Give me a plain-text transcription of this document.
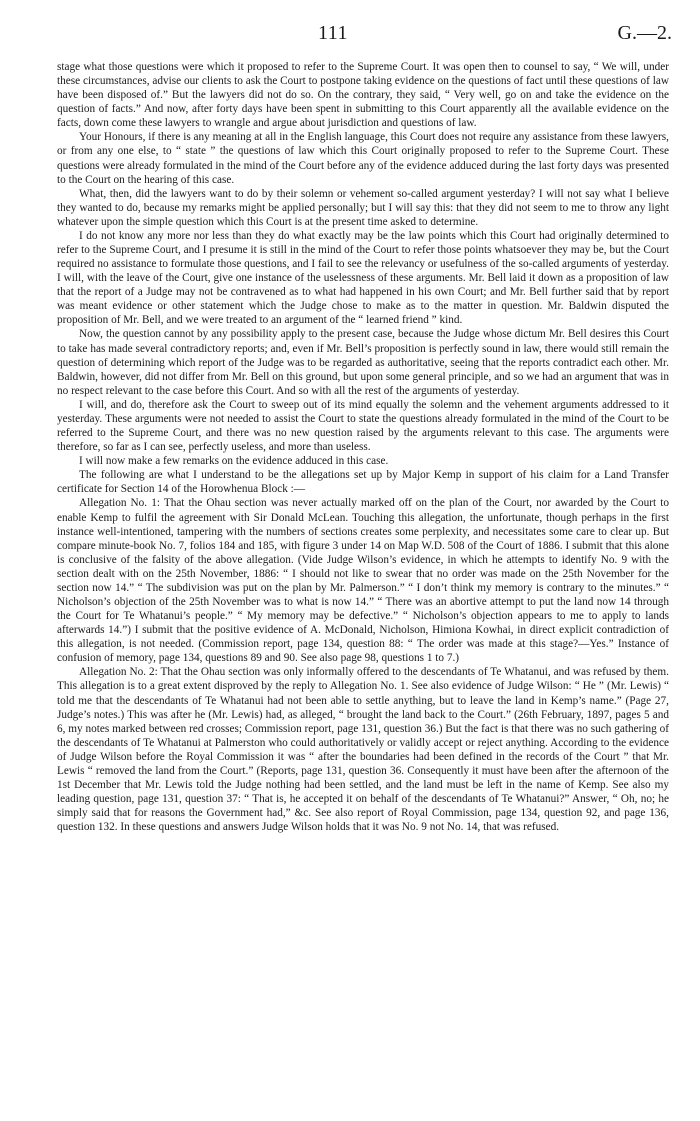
111	G.—2.

stage what those questions were which it proposed to refer to the Supreme Court. It was open then to counsel to say, “ We will, under these circumstances, advise our clients to ask the Court to postpone taking evidence on the questions of fact until these questions of law have been disposed of.” But the lawyers did not do so. On the contrary, they said, “ Very well, go on and take the evidence on the question of facts.” And now, after forty days have been spent in submitting to this Court apparently all the available evidence on the facts, down come these lawyers to wrangle and argue about jurisdiction and questions of law.

Your Honours, if there is any meaning at all in the English language, this Court does not require any assistance from these lawyers, or from any one else, to “ state ” the questions of law which this Court originally proposed to refer to the Supreme Court. These questions were already formulated in the mind of the Court before any of the evidence adduced during the last forty days was presented to the Court on the hearing of this case.

What, then, did the lawyers want to do by their solemn or vehement so-called argument yesterday? I will not say what I believe they wanted to do, because my remarks might be applied personally; but I will say this: that they did not seem to me to throw any light whatever upon the simple question which this Court is at the present time asked to determine.

I do not know any more nor less than they do what exactly may be the law points which this Court had originally determined to refer to the Supreme Court, and I presume it is still in the mind of the Court to refer those points whatsoever they may be, but the Court required no assistance to formulate those questions, and I fail to see the relevancy or usefulness of the so-called arguments of yesterday. I will, with the leave of the Court, give one instance of the uselessness of these arguments. Mr. Bell laid it down as a proposition of law that the report of a Judge may not be contravened as to what had happened in his own Court; and Mr. Bell further said that by report was meant evidence or other statement which the Judge chose to make as to the matter in question. Mr. Baldwin disputed the proposition of Mr. Bell, and we were treated to an argument of the “ learned friend ” kind.

Now, the question cannot by any possibility apply to the present case, because the Judge whose dictum Mr. Bell desires this Court to take has made several contradictory reports; and, even if Mr. Bell’s proposition is perfectly sound in law, there would still remain the question of determining which report of the Judge was to be regarded as authoritative, seeing that the reports contradict each other. Mr. Baldwin, however, did not differ from Mr. Bell on this ground, but upon some general principle, and so we had an argument that was in no respect relevant to the case before this Court. And so with all the rest of the arguments of yesterday.

I will, and do, therefore ask the Court to sweep out of its mind equally the solemn and the vehement arguments addressed to it yesterday. These arguments were not needed to assist the Court to state the questions already formulated in the mind of the Court to be referred to the Supreme Court, and there was no new question raised by the arguments relevant to this case. The arguments were therefore, so far as I can see, perfectly useless, and more than useless.

I will now make a few remarks on the evidence adduced in this case.

The following are what I understand to be the allegations set up by Major Kemp in support of his claim for a Land Transfer certificate for Section 14 of the Horowhenua Block :—

Allegation No. 1: That the Ohau section was never actually marked off on the plan of the Court, nor awarded by the Court to enable Kemp to fulfil the agreement with Sir Donald McLean. Touching this allegation, the unfortunate, though perhaps in the first instance well-intentioned, tampering with the numbers of sections creates some perplexity, and necessitates some care to clear up. But compare minute-book No. 7, folios 184 and 185, with figure 3 under 14 on Map W.D. 508 of the Court of 1886. I submit that this alone is conclusive of the falsity of the above allegation. (Vide Judge Wilson’s evidence, in which he attempts to identify No. 9 with the section dealt with on the 25th November, 1886: “ I should not like to swear that no order was made on the 25th November for the section now 14.” “ The subdivision was put on the plan by Mr. Palmerson.” “ I don’t think my memory is contrary to the minutes.” “ Nicholson’s objection of the 25th November was to what is now 14.” “ There was an abortive attempt to put the land now 14 through the Court for Te Whatanui’s people.” “ My memory may be defective.” “ Nicholson’s objection appears to me to apply to lands afterwards 14.”) I submit that the positive evidence of A. McDonald, Nicholson, Himiona Kowhai, in direct explicit contradiction of this allegation, is not needed. (Commission report, page 134, question 88: “ The order was made at this stage?—Yes.” Instance of confusion of memory, page 134, questions 89 and 90. See also page 98, questions 1 to 7.)

Allegation No. 2: That the Ohau section was only informally offered to the descendants of Te Whatanui, and was refused by them. This allegation is to a great extent disproved by the reply to Allegation No. 1. See also evidence of Judge Wilson: “ He ” (Mr. Lewis) “ told me that the descendants of Te Whatanui had not been able to settle anything, but to leave the land in Kemp’s name.” (Page 27, Judge’s notes.) This was after he (Mr. Lewis) had, as alleged, “ brought the land back to the Court.” (26th February, 1897, pages 5 and 6, my notes marked between red crosses; Commission report, page 131, question 36.) But the fact is that there was no such gathering of the descendants of Te Whatanui at Palmerston who could authoritatively or validly accept or reject anything. According to the evidence of Judge Wilson before the Royal Commission it was “ after the boundaries had been defined in the records of the Court ” that Mr. Lewis “ removed the land from the Court.” (Reports, page 131, question 36. Consequently it must have been after the afternoon of the 1st December that Mr. Lewis told the Judge nothing had been settled, and the land must be left in the name of Kemp. See also my leading question, page 131, question 37: “ That is, he accepted it on behalf of the descendants of Te Whatanui?” Answer, “ Oh, no; he simply said that for reasons the Government had,” &c. See also report of Royal Commission, page 134, question 92, and page 136, question 132. In these questions and answers Judge Wilson holds that it was No. 9 not No. 14, that was refused.
